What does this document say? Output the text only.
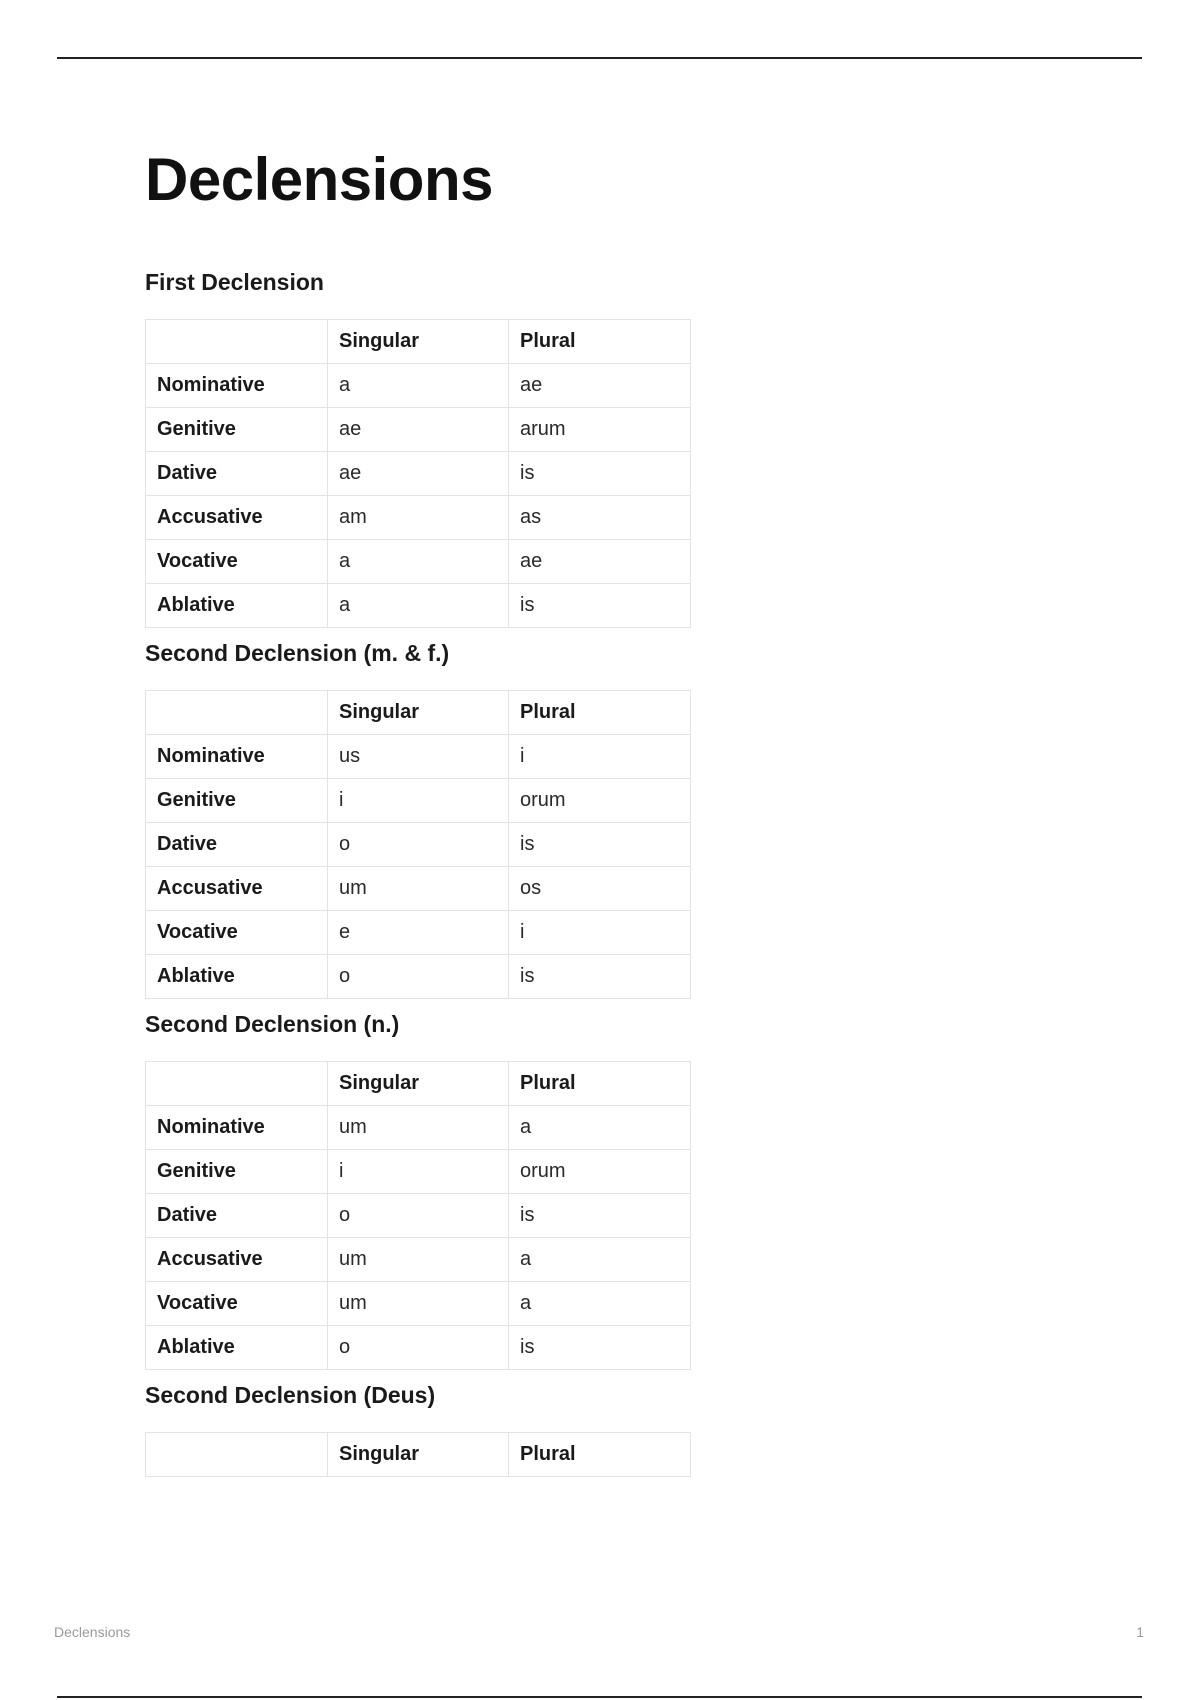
Declensions
First Declension
	Singular	Plural
Nominative	a	ae
Genitive	ae	arum
Dative	ae	is
Accusative	am	as
Vocative	a	ae
Ablative	a	is
Second Declension (m. & f.)
	Singular	Plural
Nominative	us	i
Genitive	i	orum
Dative	o	is
Accusative	um	os
Vocative	e	i
Ablative	o	is
Second Declension (n.)
	Singular	Plural
Nominative	um	a
Genitive	i	orum
Dative	o	is
Accusative	um	a
Vocative	um	a
Ablative	o	is
Second Declension (Deus)
	Singular	Plural
Declensions	1
